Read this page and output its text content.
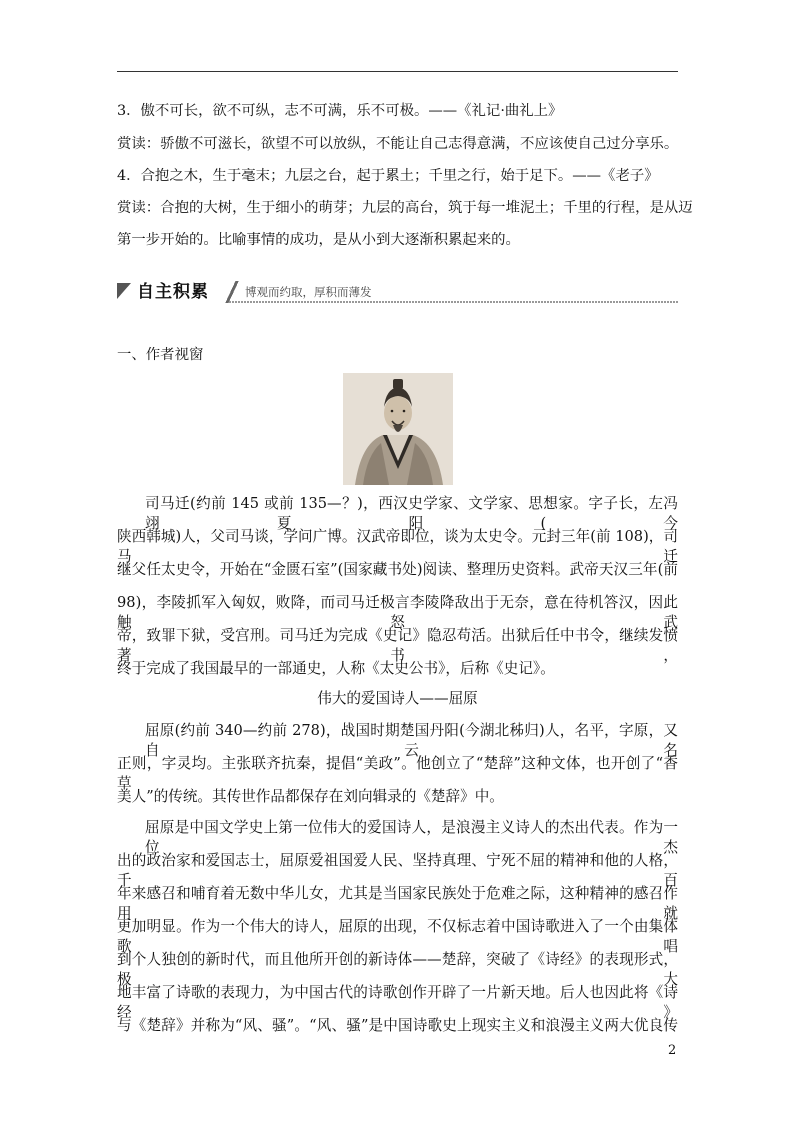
3．傲不可长，欲不可纵，志不可满，乐不可极。——《礼记·曲礼上》
赏读：骄傲不可滋长，欲望不可以放纵，不能让自己志得意满，不应该使自己过分享乐。
4．合抱之木，生于毫末；九层之台，起于累土；千里之行，始于足下。——《老子》
赏读：合抱的大树，生于细小的萌芽；九层的高台，筑于每一堆泥土；千里的行程，是从迈
第一步开始的。比喻事情的成功，是从小到大逐渐积累起来的。
自主积累	博观而约取，厚积而薄发
一、作者视窗
司马迁(约前 145 或前 135—？)，西汉史学家、文学家、思想家。字子长，左冯翊夏阳(今
陕西韩城)人，父司马谈，学问广博。汉武帝即位，谈为太史令。元封三年(前 108)，司马迁
继父任太史令，开始在“金匮石室”(国家藏书处)阅读、整理历史资料。武帝天汉三年(前
98)，李陵抓军入匈奴，败降，而司马迁极言李陵降敌出于无奈，意在待机答汉，因此触怒武
帝，致罪下狱，受宫刑。司马迁为完成《史记》隐忍苟活。出狱后任中书令，继续发愤著书，
终于完成了我国最早的一部通史，人称《太史公书》，后称《史记》。
伟大的爱国诗人——屈原
屈原(约前 340—约前 278)，战国时期楚国丹阳(今湖北秭归)人，名平，字原，又自云名
正则，字灵均。主张联齐抗秦，提倡“美政”。他创立了“楚辞”这种文体，也开创了“香草
美人”的传统。其传世作品都保存在刘向辑录的《楚辞》中。
屈原是中国文学史上第一位伟大的爱国诗人，是浪漫主义诗人的杰出代表。作为一位杰
出的政治家和爱国志士，屈原爱祖国爱人民、坚持真理、宁死不屈的精神和他的人格，千百
年来感召和哺育着无数中华儿女，尤其是当国家民族处于危难之际，这种精神的感召作用就
更加明显。作为一个伟大的诗人，屈原的出现，不仅标志着中国诗歌进入了一个由集体歌唱
到个人独创的新时代，而且他所开创的新诗体——楚辞，突破了《诗经》的表现形式，极大
地丰富了诗歌的表现力，为中国古代的诗歌创作开辟了一片新天地。后人也因此将《诗经》
与《楚辞》并称为“风、骚”。“风、骚”是中国诗歌史上现实主义和浪漫主义两大优良传
2
